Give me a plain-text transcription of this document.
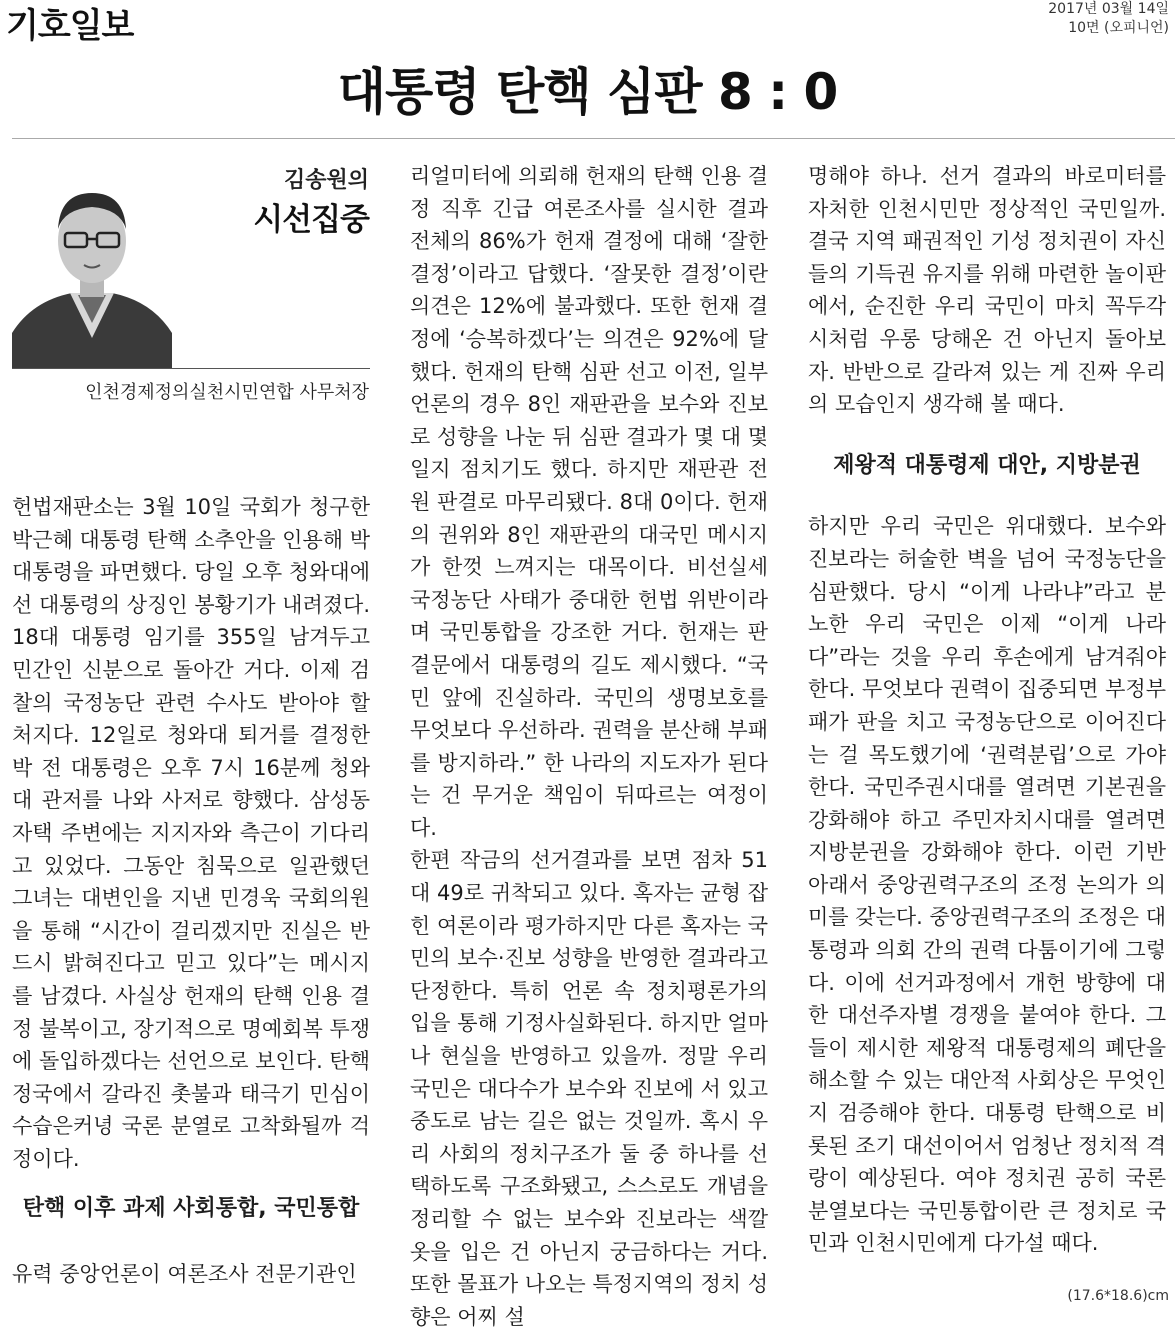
기호일보	2017년 03월 14일
10면 (오피니언)
대통령 탄핵 심판 8 : 0
김송원의
시선집중
인천경제정의실천시민연합 사무처장

헌법재판소는 3월 10일 국회가 청구한 박근혜 대통령 탄핵 소추안을 인용해 박 대통령을 파면했다. 당일 오후 청와대에 선 대통령의 상징인 봉황기가 내려졌다. 18대 대통령 임기를 355일 남겨두고 민간인 신분으로 돌아간 거다. 이제 검찰의 국정농단 관련 수사도 받아야 할 처지다. 12일로 청와대 퇴거를 결정한 박 전 대통령은 오후 7시 16분께 청와대 관저를 나와 사저로 향했다. 삼성동 자택 주변에는 지지자와 측근이 기다리고 있었다. 그동안 침묵으로 일관했던 그녀는 대변인을 지낸 민경욱 국회의원을 통해 “시간이 걸리겠지만 진실은 반드시 밝혀진다고 믿고 있다”는 메시지를 남겼다. 사실상 헌재의 탄핵 인용 결정 불복이고, 장기적으로 명예회복 투쟁에 돌입하겠다는 선언으로 보인다. 탄핵 정국에서 갈라진 촛불과 태극기 민심이 수습은커녕 국론 분열로 고착화될까 걱정이다.

탄핵 이후 과제 사회통합, 국민통합

유력 중앙언론이 여론조사 전문기관인

리얼미터에 의뢰해 헌재의 탄핵 인용 결정 직후 긴급 여론조사를 실시한 결과 전체의 86%가 헌재 결정에 대해 ‘잘한 결정’이라고 답했다. ‘잘못한 결정’이란 의견은 12%에 불과했다. 또한 헌재 결정에 ‘승복하겠다’는 의견은 92%에 달했다. 헌재의 탄핵 심판 선고 이전, 일부 언론의 경우 8인 재판관을 보수와 진보로 성향을 나눈 뒤 심판 결과가 몇 대 몇일지 점치기도 했다. 하지만 재판관 전원 판결로 마무리됐다. 8대 0이다. 헌재의 권위와 8인 재판관의 대국민 메시지가 한껏 느껴지는 대목이다. 비선실세 국정농단 사태가 중대한 헌법 위반이라며 국민통합을 강조한 거다. 헌재는 판결문에서 대통령의 길도 제시했다. “국민 앞에 진실하라. 국민의 생명보호를 무엇보다 우선하라. 권력을 분산해 부패를 방지하라.” 한 나라의 지도자가 된다는 건 무거운 책임이 뒤따르는 여정이다.

한편 작금의 선거결과를 보면 점차 51대 49로 귀착되고 있다. 혹자는 균형 잡힌 여론이라 평가하지만 다른 혹자는 국민의 보수·진보 성향을 반영한 결과라고 단정한다. 특히 언론 속 정치평론가의 입을 통해 기정사실화된다. 하지만 얼마나 현실을 반영하고 있을까. 정말 우리 국민은 대다수가 보수와 진보에 서 있고 중도로 남는 길은 없는 것일까. 혹시 우리 사회의 정치구조가 둘 중 하나를 선택하도록 구조화됐고, 스스로도 개념을 정리할 수 없는 보수와 진보라는 색깔 옷을 입은 건 아닌지 궁금하다는 거다. 또한 몰표가 나오는 특정지역의 정치 성향은 어찌 설

명해야 하나. 선거 결과의 바로미터를 자처한 인천시민만 정상적인 국민일까. 결국 지역 패권적인 기성 정치권이 자신들의 기득권 유지를 위해 마련한 놀이판에서, 순진한 우리 국민이 마치 꼭두각시처럼 우롱 당해온 건 아닌지 돌아보자. 반반으로 갈라져 있는 게 진짜 우리의 모습인지 생각해 볼 때다.

제왕적 대통령제 대안, 지방분권

하지만 우리 국민은 위대했다. 보수와 진보라는 허술한 벽을 넘어 국정농단을 심판했다. 당시 “이게 나라냐”라고 분노한 우리 국민은 이제 “이게 나라다”라는 것을 우리 후손에게 남겨줘야 한다. 무엇보다 권력이 집중되면 부정부패가 판을 치고 국정농단으로 이어진다는 걸 목도했기에 ‘권력분립’으로 가야 한다. 국민주권시대를 열려면 기본권을 강화해야 하고 주민자치시대를 열려면 지방분권을 강화해야 한다. 이런 기반 아래서 중앙권력구조의 조정 논의가 의미를 갖는다. 중앙권력구조의 조정은 대통령과 의회 간의 권력 다툼이기에 그렇다. 이에 선거과정에서 개헌 방향에 대한 대선주자별 경쟁을 붙여야 한다. 그들이 제시한 제왕적 대통령제의 폐단을 해소할 수 있는 대안적 사회상은 무엇인지 검증해야 한다. 대통령 탄핵으로 비롯된 조기 대선이어서 엄청난 정치적 격랑이 예상된다. 여야 정치권 공히 국론분열보다는 국민통합이란 큰 정치로 국민과 인천시민에게 다가설 때다.

(17.6*18.6)cm
